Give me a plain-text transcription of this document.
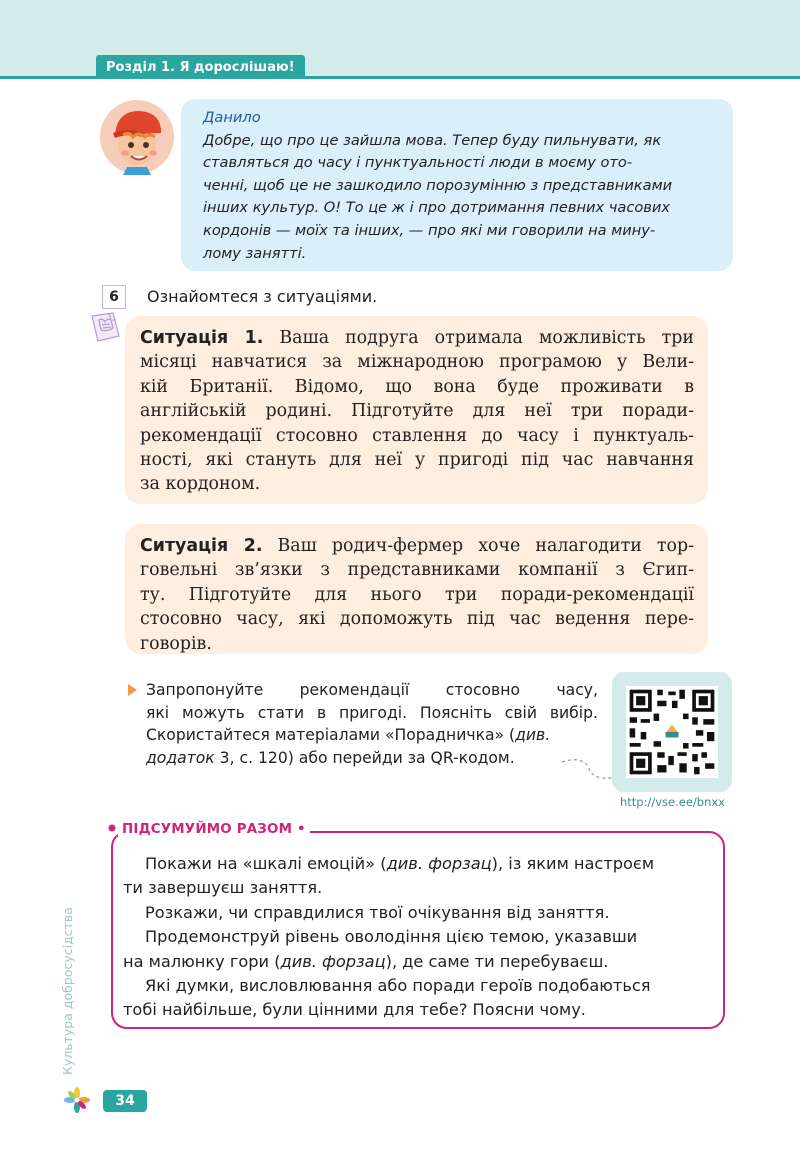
Розділ 1. Я дорослішаю!
Данило
Добре, що про це зайшла мова. Тепер буду пильнувати, як
ставляться до часу і пунктуальності люди в моєму ото-
ченні, щоб це не зашкодило порозумінню з представниками
інших культур. О! То це ж і про дотримання певних часових
кордонів — моїх та інших, — про які ми говорили на мину-
лому занятті.
6	Ознайомтеся з ситуаціями.
Ситуація 1. Ваша подруга отримала можливість три
місяці навчатися за міжнародною програмою у Вели-
кій Британії. Відомо, що вона буде проживати в
англійській родині. Підготуйте для неї три поради-
рекомендації стосовно ставлення до часу і пунктуаль-
ності, які стануть для неї у пригоді під час навчання
за кордоном.
Ситуація 2. Ваш родич-фермер хоче налагодити тор-
говельні зв’язки з представниками компанії з Єгип-
ту. Підготуйте для нього три поради-рекомендації
стосовно часу, які допоможуть під час ведення пере-
говорів.
Запропонуйте рекомендації стосовно часу,
які можуть стати в пригоді. Поясніть свій вибір.
Скористайтеся матеріалами «Порадничка» (див.
додаток 3, с. 120) або перейди за QR-кодом.
http://vse.ee/bnxx
ПІДСУМУЙМО РАЗОМ •
Покажи на «шкалі емоцій» (див. форзац), із яким настроєм
ти завершуєш заняття.
Розкажи, чи справдилися твої очікування від заняття.
Продемонструй рівень оволодіння цією темою, указавши
на малюнку гори (див. форзац), де саме ти перебуваєш.
Які думки, висловлювання або поради героїв подобаються
тобі найбільше, були цінними для тебе? Поясни чому.
Культура добросусідства
34
